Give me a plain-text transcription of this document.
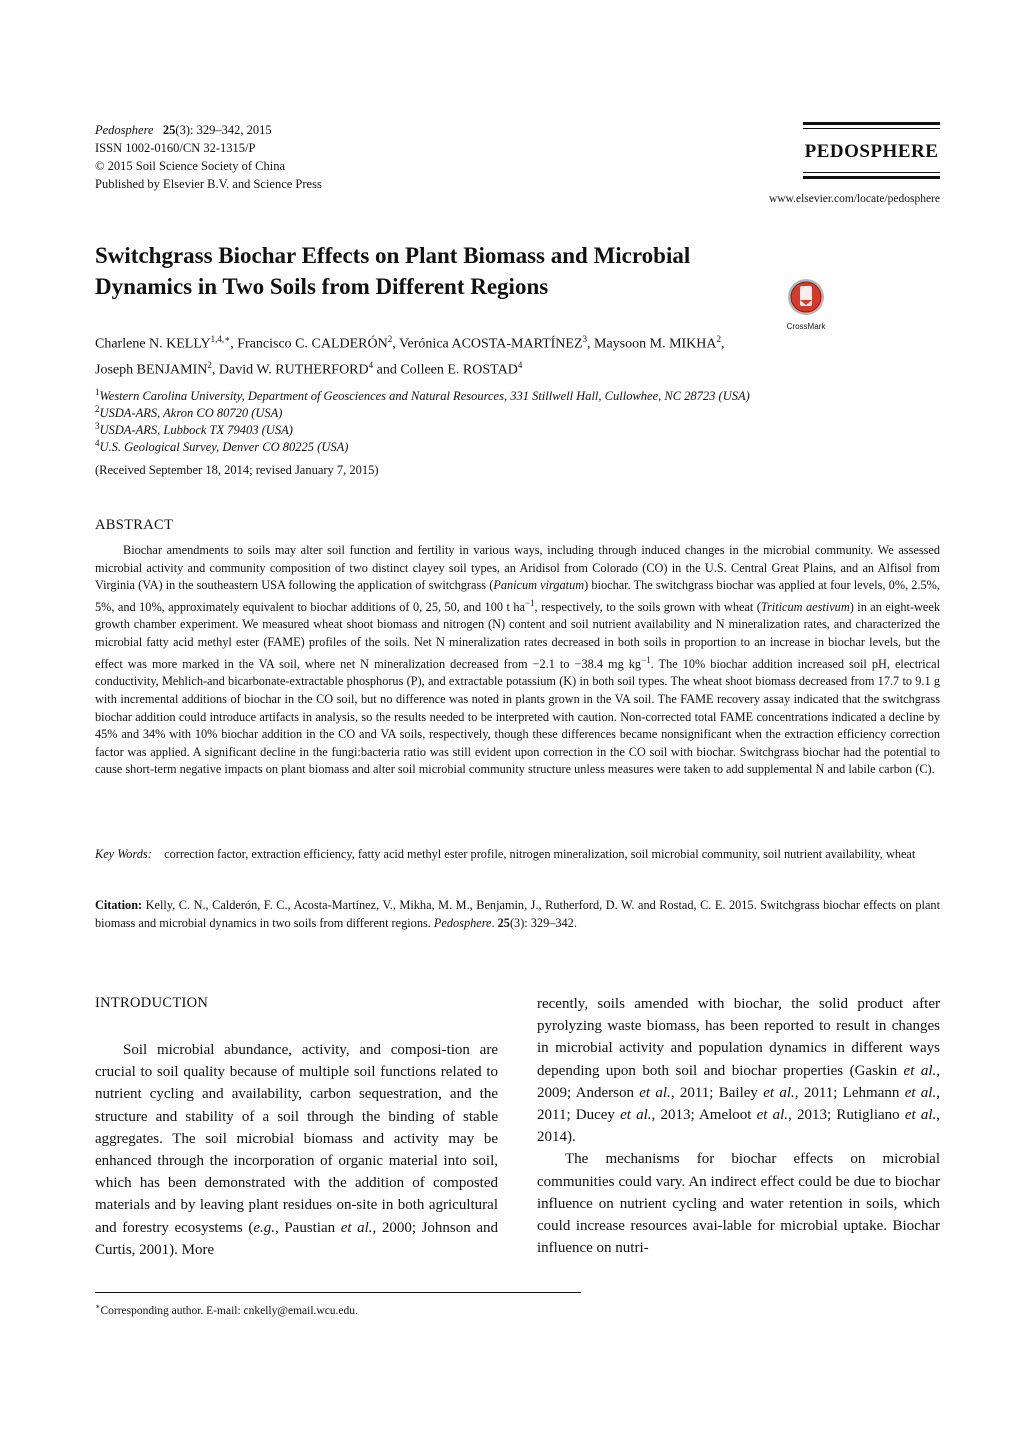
Pedosphere 25(3): 329–342, 2015
ISSN 1002-0160/CN 32-1315/P
© 2015 Soil Science Society of China
Published by Elsevier B.V. and Science Press
PEDOSPHERE
www.elsevier.com/locate/pedosphere
Switchgrass Biochar Effects on Plant Biomass and Microbial
Dynamics in Two Soils from Different Regions
CrossMark
Charlene N. $KELLY^{1,4,∗}$, Francisco C. CALDERÓN$^2$, Verónica ACOSTA-MARTÍNEZ$^3$, Maysoon M. MIKHA$^2$,
Joseph BENJAMIN$^2$, David W. RUTHERFORD$^4$ and Colleen E. ROSTAD$^4$
$^1$Western Carolina University, Department of Geosciences and Natural Resources, 331 Stillwell Hall, Cullowhee, NC 28723 (USA)
$^2$USDA-ARS, Akron CO 80720 (USA)
$^3$USDA-ARS, Lubbock TX 79403 (USA)
$^4$U.S. Geological Survey, Denver CO 80225 (USA)
(Received September 18, 2014; revised January 7, 2015)
ABSTRACT
Biochar amendments to soils may alter soil function and fertility in various ways, including through induced changes in the microbial community. We assessed microbial activity and community composition of two distinct clayey soil types, an Aridisol from Colorado (CO) in the U.S. Central Great Plains, and an Alfisol from Virginia (VA) in the southeastern USA following the application of switchgrass (Panicum virgatum) biochar. The switchgrass biochar was applied at four levels, 0%, 2.5%, 5%, and 10%, approximately equivalent to biochar additions of 0, 25, 50, and 100 t $ha^{-1}$, respectively, to the soils grown with wheat (Triticum aestivum) in an eight-week growth chamber experiment. We measured wheat shoot biomass and nitrogen (N) content and soil nutrient availability and N mineralization rates, and characterized the microbial fatty acid methyl ester (FAME) profiles of the soils. Net N mineralization rates decreased in both soils in proportion to an increase in biochar levels, but the effect was more marked in the VA soil, where net N mineralization decreased from −2.1 to −38.4 mg $kg^{-1}$. The 10% biochar addition increased soil pH, electrical conductivity, Mehlich-and bicarbonate-extractable phosphorus (P), and extractable potassium (K) in both soil types. The wheat shoot biomass decreased from 17.7 to 9.1 g with incremental additions of biochar in the CO soil, but no difference was noted in plants grown in the VA soil. The FAME recovery assay indicated that the switchgrass biochar addition could introduce artifacts in analysis, so the results needed to be interpreted with caution. Non-corrected total FAME concentrations indicated a decline by 45% and 34% with 10% biochar addition in the CO and VA soils, respectively, though these differences became nonsignificant when the extraction efficiency correction factor was applied. A significant decline in the fungi:bacteria ratio was still evident upon correction in the CO soil with biochar. Switchgrass biochar had the potential to cause short-term negative impacts on plant biomass and alter soil microbial community structure unless measures were taken to add supplemental N and labile carbon (C).
Key Words: correction factor, extraction efficiency, fatty acid methyl ester profile, nitrogen mineralization, soil microbial community, soil nutrient availability, wheat
Citation: Kelly, C. N., Calderón, F. C., Acosta-Martínez, V., Mikha, M. M., Benjamin, J., Rutherford, D. W. and Rostad, C. E. 2015. Switchgrass biochar effects on plant biomass and microbial dynamics in two soils from different regions. Pedosphere. 25(3): 329–342.
INTRODUCTION

Soil microbial abundance, activity, and composi-tion are crucial to soil quality because of multiple soil functions related to nutrient cycling and availability, carbon sequestration, and the structure and stability of a soil through the binding of stable aggregates. The soil microbial biomass and activity may be enhanced through the incorporation of organic material into soil, which has been demonstrated with the addition of composted materials and by leaving plant residues on-site in both agricultural and forestry ecosystems (e.g., Paustian et al., 2000; Johnson and Curtis, 2001). More

recently, soils amended with biochar, the solid product after pyrolyzing waste biomass, has been reported to result in changes in microbial activity and population dynamics in different ways depending upon both soil and biochar properties (Gaskin et al., 2009; Anderson et al., 2011; Bailey et al., 2011; Lehmann et al., 2011; Ducey et al., 2013; Ameloot et al., 2013; Rutigliano et al., 2014).

The mechanisms for biochar effects on microbial communities could vary. An indirect effect could be due to biochar influence on nutrient cycling and water retention in soils, which could increase resources avai-lable for microbial uptake. Biochar influence on nutri-

∗Corresponding author. E-mail: cnkelly@email.wcu.edu.
